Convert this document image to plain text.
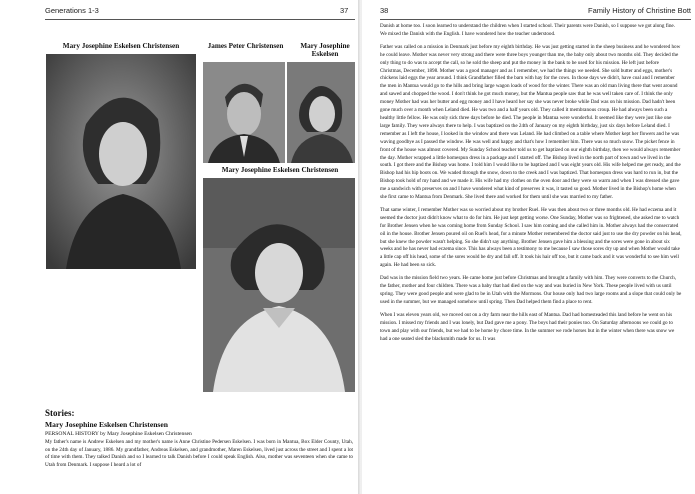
Generations 1-3	37
Mary Josephine Eskelsen Christensen	James Peter Christensen	Mary Josephine Eskelsen
Mary Josephine Eskelsen Christensen
Stories:
Mary Josephine Eskelsen Christensen
PERSONAL HISTORY by Mary Josephine Eskelsen Christensen
My father's name is Andrew Eskelsen and my mother's name is Anne Christine Pedersen Eskelsen. I was born in Mantua, Box Elder County, Utah, on the 24th day of January, 1886. My grandfather, Andreas Eskelsen, and grandmother, Maren Eskelsen, lived just across the street and I spent a lot of time with them. They talked Danish and so I learned to talk Danish before I could speak English. Also, mother was seventeen when she came to Utah from Denmark. I suppose I heard a lot of
38	Family History of Christine Bott

Danish at home too. I soon learned to understand the children when I started school. Their parents were Danish, so I suppose we got along fine. We mixed the Danish with the English. I have wondered how the teacher understood.

Father was called on a mission in Denmark just before my eighth birthday. He was just getting started in the sheep business and he wondered how he could leave. Mother was never very strong and there were three boys younger than me, the baby only about two months old. They decided the only thing to do was to accept the call, so he sold the sheep and put the money in the bank to be used for his mission. He left just before Christmas, December, 1898. Mother was a good manager and as I remember, we had the things we needed. She sold butter and eggs, mother's chickens laid eggs the year around. I think Grandfather filled the barn with hay for the cows. In those days we didn't, have coal and I remember the men in Mantua would go to the hills and bring large wagon loads of wood for the winter. There was an old man living there that went around and sawed and chopped the wood. I don't think he got much money, but the Mantua people saw that he was well taken care of. I think the only money Mother had was her butter and egg money and I have heard her say she was never broke while Dad was on his mission. Dad hadn't been gone much over a month when Leland died. He was two and a half years old. They called it membranous croup. He had always been such a healthy little fellow. He was only sick three days before he died. The people in Mantua were wonderful. It seemed like they were just like one large family. They were always there to help. I was baptized on the 24th of January on my eighth birthday, just six days before Leland died. I remember as I left the house, I looked in the window and there was Leland. He had climbed on a table where Mother kept her flowers and he was waving goodbye as I passed the window. He was well and happy and that's how I remember him. There was so much snow. The picket fence in front of the house was almost covered. My Sunday School teacher told us to get baptized on our eighth birthday, then we would always remember the day. Mother wrapped a little homespun dress in a package and I started off. The Bishop lived in the north part of town and we lived in the south. I got there and the Bishop was home. I told him I would like to be baptized and I was eight years old. His wife helped me get ready, and the Bishop had his hip boots on. We waded through the snow, down to the creek and I was baptized. That homespun dress was hard to run in, but the Bishop took hold of my hand and we made it. His wife had my clothes on the oven door and they were so warm and when I was dressed she gave me a sandwich with preserves on and I have wondered what kind of preserves it was, it tasted so good. Mother lived in the Bishop's home when she first came to Mantua from Denmark. She lived there and worked for them until she was married to my father.

That same winter, I remember Mother was so worried about my brother Ruel. He was then about two or three months old. He had eczema and it seemed the doctor just didn't know what to do for him. He just kept getting worse. One Sunday, Mother was so frightened, she asked me to watch for Brother Jensen when he was coming home from Sunday School. I saw him coming and she called him in. Mother always had the consecrated oil in the house. Brother Jensen poured oil on Ruel's head, for a minute Mother remembered the doctor said just to use the dry powder on his head, but she knew the powder wasn't helping. So she didn't say anything. Brother Jensen gave him a blessing and the sores were gone in about six weeks and he has never had eczema since. This has always been a testimony to me because I saw those sores dry up and when Mother would take a little cap off his head, some of the sores would be dry and fall off. It took his hair off too, but it came back and it was wonderful to see him well again. He had been so sick.

Dad was in the mission field two years. He came home just before Christmas and brought a family with him. They were converts to the Church, the father, mother and four children. There was a baby that had died on the way and was buried in New York. These people lived with us until spring. They were good people and were glad to be in Utah with the Mormons. Our house only had two large rooms and a slope that could only be used in the summer, but we managed somehow until spring. Then Dad helped them find a place to rent.

When I was eleven years old, we moved out on a dry farm near the hills east of Mantua. Dad had homesteaded this land before he went on his mission. I missed my friends and I was lonely, but Dad gave me a pony. The boys had their ponies too. On Saturday afternoons we could go to town and play with our friends, but we had to be home by chore time. In the summer we rode horses but in the winter when there was snow we had a one seated sled the blacksmith made for us. It was
